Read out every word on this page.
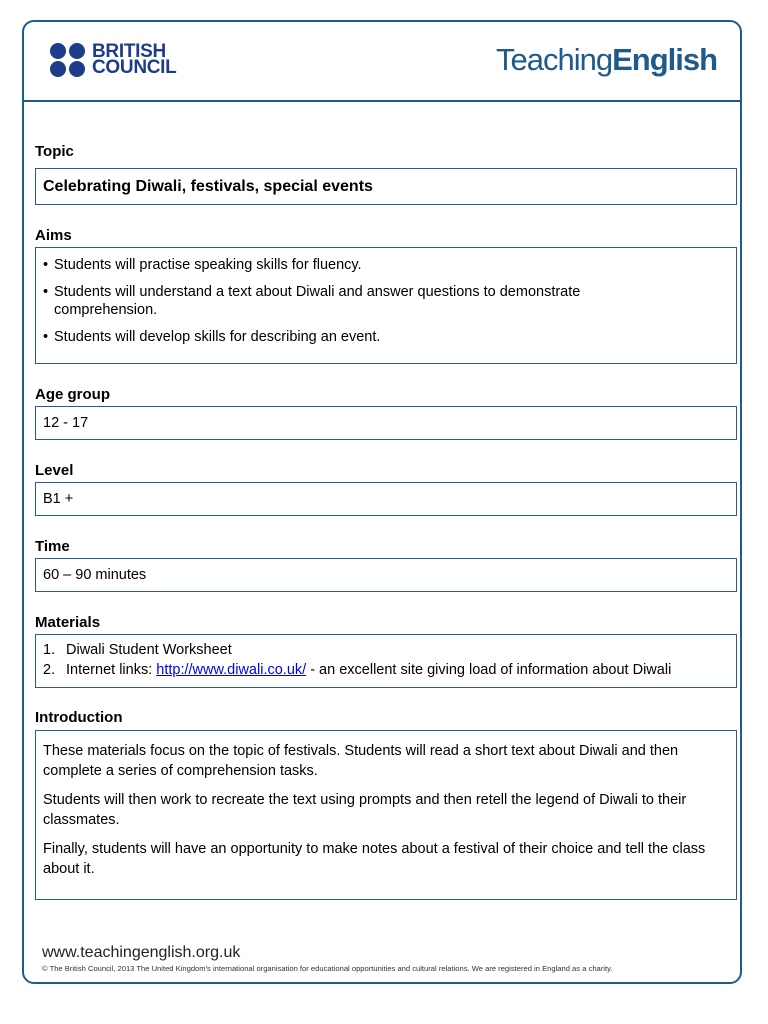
BRITISH
COUNCIL	TeachingEnglish
Topic
Celebrating Diwali, festivals, special events
Aims
• Students will practise speaking skills for fluency.
• Students will understand a text about Diwali and answer questions to demonstrate comprehension.
• Students will develop skills for describing an event.
Age group
12 - 17
Level
B1 +
Time
60 – 90 minutes
Materials
1. Diwali Student Worksheet
2. Internet links: http://www.diwali.co.uk/ - an excellent site giving load of information about Diwali
Introduction

These materials focus on the topic of festivals. Students will read a short text about Diwali and then complete a series of comprehension tasks.

Students will then work to recreate the text using prompts and then retell the legend of Diwali to their classmates.

Finally, students will have an opportunity to make notes about a festival of their choice and tell the class about it.

www.teachingenglish.org.uk
© The British Council, 2013 The United Kingdom's international organisation for educational opportunities and cultural relations. We are registered in England as a charity.
